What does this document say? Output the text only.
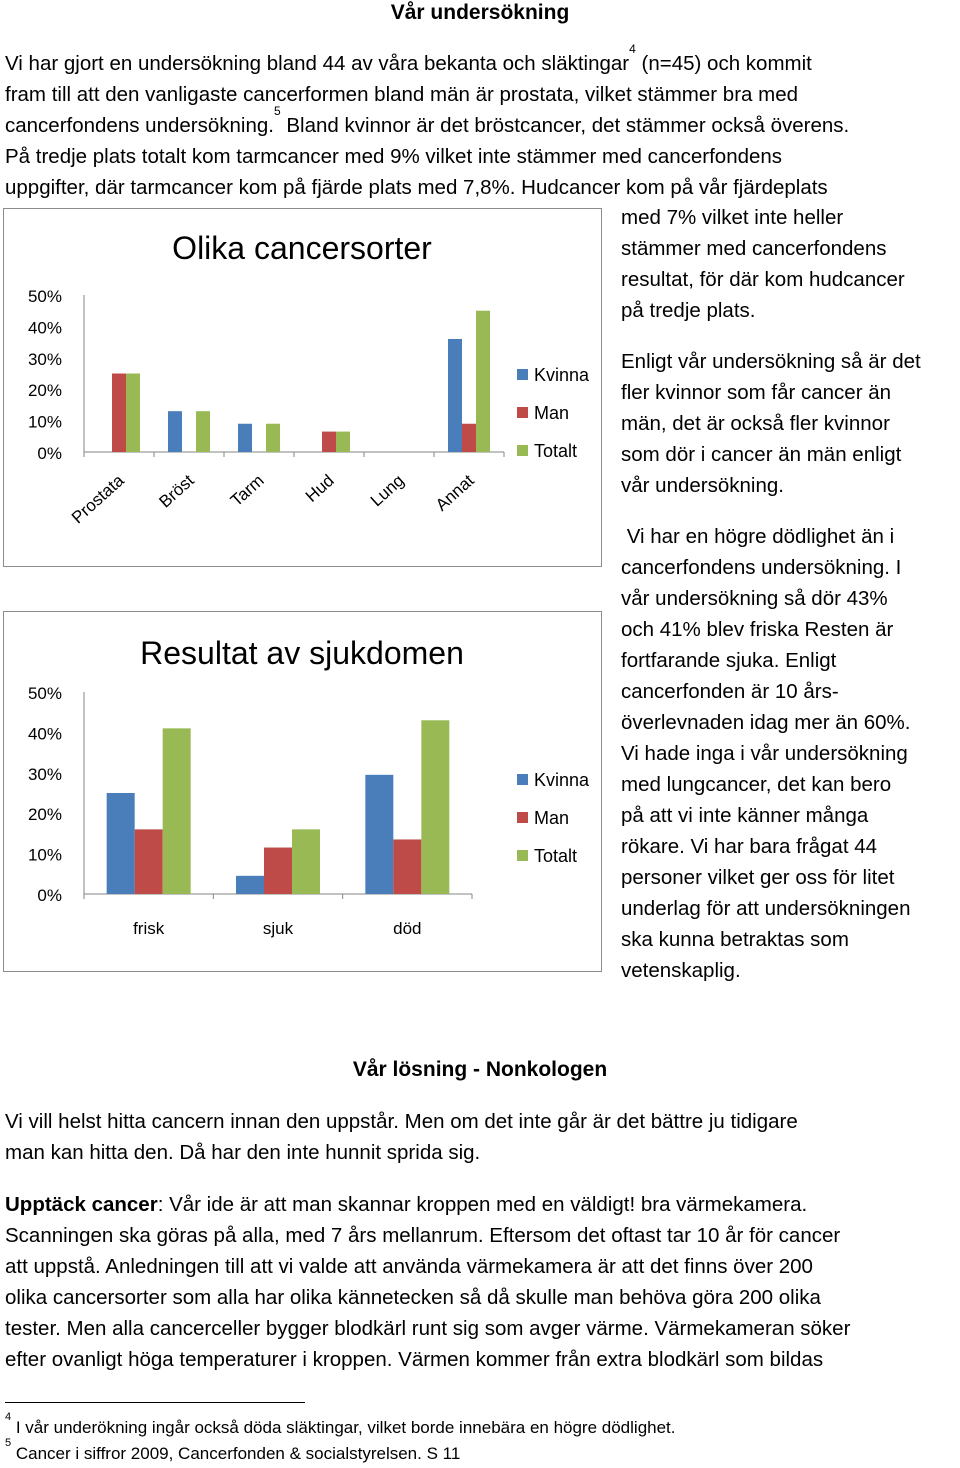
Vår undersökning
Vi har gjort en undersökning bland 44 av våra bekanta och släktingar$^4$ (n=45) och kommit
fram till att den vanligaste cancerformen bland män är prostata, vilket stämmer bra med
cancerfondens undersökning.$^5$ Bland kvinnor är det bröstcancer, det stämmer också överens.
På tredje plats totalt kom tarmcancer med 9% vilket inte stämmer med cancerfondens
uppgifter, där tarmcancer kom på fjärde plats med 7,8%. Hudcancer kom på vår fjärdeplats

med 7% vilket inte heller
stämmer med cancerfondens
resultat, för där kom hudcancer
på tredje plats.

Enligt vår undersökning så är det
fler kvinnor som får cancer än
män, det är också fler kvinnor
som dör i cancer än män enligt
vår undersökning.

Vi har en högre dödlighet än i
cancerfondens undersökning. I
vår undersökning så dör 43%
och 41% blev friska Resten är
fortfarande sjuka. Enligt
cancerfonden är 10 års-
överlevnaden idag mer än 60%.
Vi hade inga i vår undersökning
med lungcancer, det kan bero
på att vi inte känner många
rökare. Vi har bara frågat 44
personer vilket ger oss för litet
underlag för att undersökningen
ska kunna betraktas som
vetenskaplig.

Olika cancersorter
0%
10%
20%
30%
40%
50%
Prostata Bröst Tarm Hud Lung Annat
Kvinna
Man
Totalt
Resultat av sjukdomen
0%
10%
20%
30%
40%
50%
frisk	sjuk	död
Kvinna
Man
Totalt
Vår lösning - Nonkologen
Vi vill helst hitta cancern innan den uppstår. Men om det inte går är det bättre ju tidigare
man kan hitta den. Då har den inte hunnit sprida sig.
Upptäck cancer: Vår ide är att man skannar kroppen med en väldigt! bra värmekamera.
Scanningen ska göras på alla, med 7 års mellanrum. Eftersom det oftast tar 10 år för cancer
att uppstå. Anledningen till att vi valde att använda värmekamera är att det finns över 200
olika cancersorter som alla har olika kännetecken så då skulle man behöva göra 200 olika
tester. Men alla cancerceller bygger blodkärl runt sig som avger värme. Värmekameran söker
efter ovanligt höga temperaturer i kroppen. Värmen kommer från extra blodkärl som bildas
$^4$ I vår underökning ingår också döda släktingar, vilket borde innebära en högre dödlighet.
$^5$ Cancer i siffror 2009, Cancerfonden & socialstyrelsen. S 11
